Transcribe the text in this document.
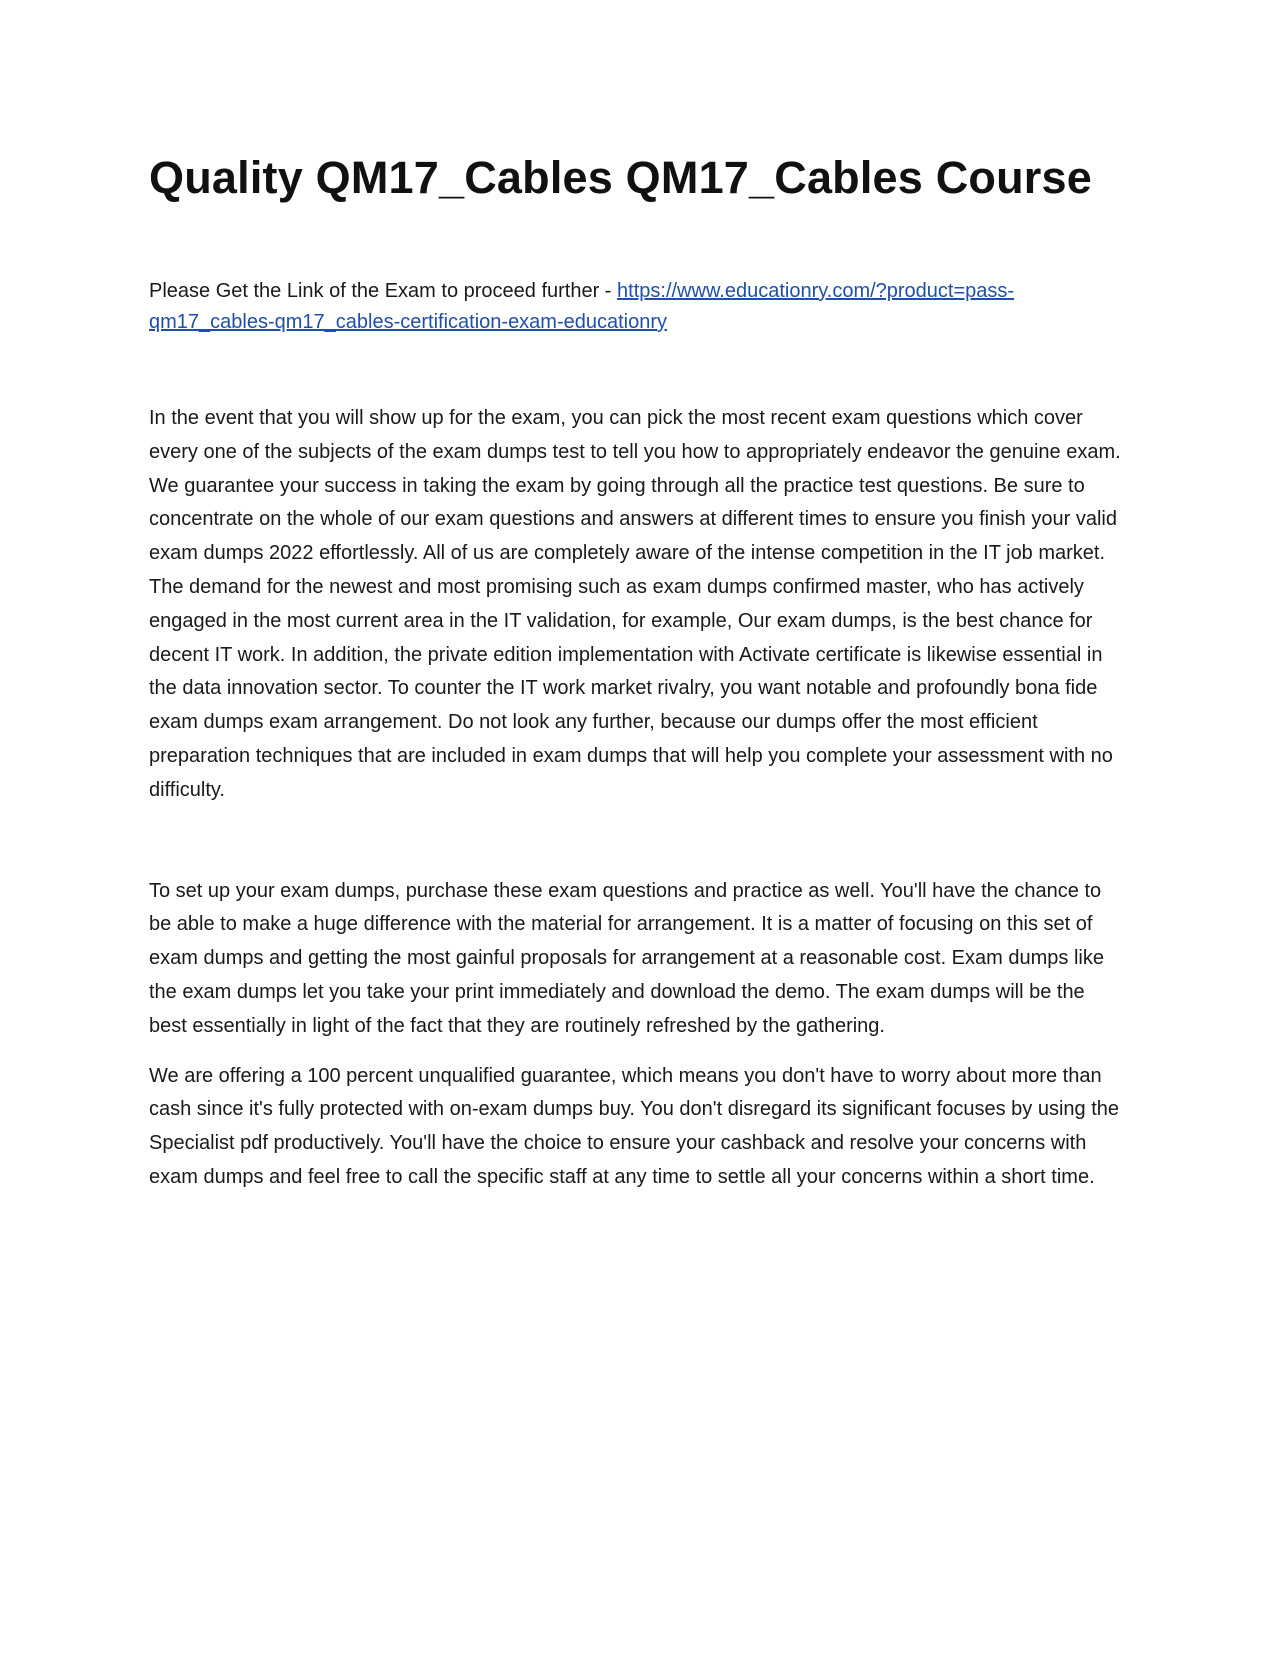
Quality QM17_Cables QM17_Cables Course

Please Get the Link of the Exam to proceed further - https://www.educationry.com/?product=pass-qm17_cables-qm17_cables-certification-exam-educationry

In the event that you will show up for the exam, you can pick the most recent exam questions which cover every one of the subjects of the exam dumps test to tell you how to appropriately endeavor the genuine exam. We guarantee your success in taking the exam by going through all the practice test questions. Be sure to concentrate on the whole of our exam questions and answers at different times to ensure you finish your valid exam dumps 2022 effortlessly. All of us are completely aware of the intense competition in the IT job market. The demand for the newest and most promising such as exam dumps confirmed master, who has actively engaged in the most current area in the IT validation, for example, Our exam dumps, is the best chance for decent IT work. In addition, the private edition implementation with Activate certificate is likewise essential in the data innovation sector. To counter the IT work market rivalry, you want notable and profoundly bona fide exam dumps exam arrangement. Do not look any further, because our dumps offer the most efficient preparation techniques that are included in exam dumps that will help you complete your assessment with no difficulty.

To set up your exam dumps, purchase these exam questions and practice as well. You'll have the chance to be able to make a huge difference with the material for arrangement. It is a matter of focusing on this set of exam dumps and getting the most gainful proposals for arrangement at a reasonable cost. Exam dumps like the exam dumps let you take your print immediately and download the demo. The exam dumps will be the best essentially in light of the fact that they are routinely refreshed by the gathering.

We are offering a 100 percent unqualified guarantee, which means you don't have to worry about more than cash since it's fully protected with on-exam dumps buy. You don't disregard its significant focuses by using the Specialist pdf productively. You'll have the choice to ensure your cashback and resolve your concerns with exam dumps and feel free to call the specific staff at any time to settle all your concerns within a short time.
